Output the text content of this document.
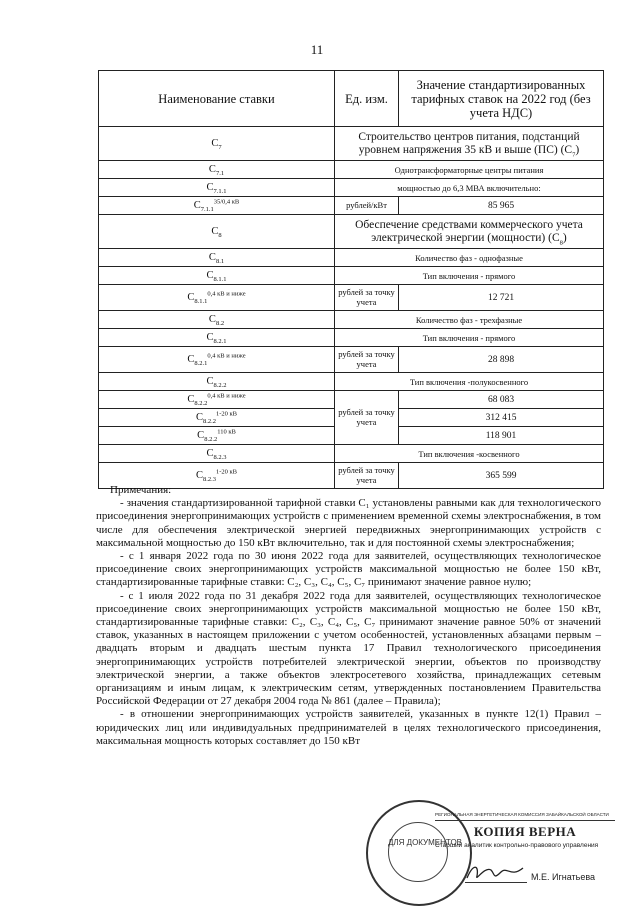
11
Наименование ставки	Ед. изм.	Значение стандартизированных тарифных ставок на 2022 год (без учета НДС)
$C_7$	Строительство центров питания, подстанций уровнем напряжения 35 кВ и выше (ПС) $(C_7)$	
$C_{7.1}$	Однотрансформаторные центры питания	
$C_{7.1.1}$	мощностью до 6,3 МВА включительно:	
$C_{7.1.1}^{35/0,4 кВ}$	рублей/кВт	85 965
$C_8$	Обеспечение средствами коммерческого учета электрической энергии (мощности) $(C_8)$	
$C_{8.1}$	Количество фаз - однофазные	
$C_{8.1.1}$	Тип включения - прямого	
$C_{8.1.1}^{0,4 кВ и ниже}$	рублей за точку учета	12 721
$C_{8.2}$	Количество фаз - трехфазные	
$C_{8.2.1}$	Тип включения - прямого	
$C_{8.2.1}^{0,4 кВ и ниже}$	рублей за точку учета	28 898
$C_{8.2.2}$	Тип включения -полукосвенного	
$C_{8.2.2}^{0,4 кВ и ниже}$	рублей за точку учета	68 083
$C_{8.2.2}^{1-20 кВ}$		312 415
$C_{8.2.2}^{110 кВ}$		118 901
$C_{8.2.3}$	Тип включения -косвенного	
$C_{8.2.3}^{1-20 кВ}$	рублей за точку учета	365 599

Примечания:

- значения стандартизированной тарифной ставки C₁ установлены равными как для технологического присоединения энергопринимающих устройств с применением временной схемы электроснабжения, в том числе для обеспечения электрической энергией передвижных энергопринимающих устройств с максимальной мощностью до 150 кВт включительно, так и для постоянной схемы электроснабжения;

- с 1 января 2022 года по 30 июня 2022 года для заявителей, осуществляющих технологическое присоединение своих энергопринимающих устройств максимальной мощностью не более 150 кВт, стандартизированные тарифные ставки: C₂, C₃, C₄, C₅, C₇ принимают значение равное нулю;

- с 1 июля 2022 года по 31 декабря 2022 года для заявителей, осуществляющих технологическое присоединение своих энергопринимающих устройств максимальной мощностью не более 150 кВт, стандартизированные тарифные ставки: C₂, C₃, C₄, C₅, C₇ принимают значение равное 50% от значений ставок, указанных в настоящем приложении с учетом особенностей, установленных абзацами первым – двадцать вторым и двадцать шестым пункта 17 Правил технологического присоединения энергопринимающих устройств потребителей электрической энергии, объектов по производству электрической энергии, а также объектов электросетевого хозяйства, принадлежащих сетевым организациям и иным лицам, к электрическим сетям, утвержденных постановлением Правительства Российской Федерации от 27 декабря 2004 года № 861 (далее – Правила);

- в отношении энергопринимающих устройств заявителей, указанных в пункте 12(1) Правил – юридических лиц или индивидуальных предпринимателей в целях технологического присоединения, максимальная мощность которых составляет до 150 кВт

ДЛЯ ДОКУМЕНТОВ
РЕГИОНАЛЬНАЯ ЭНЕРГЕТИЧЕСКАЯ КОМИССИЯ ЗАБАЙКАЛЬСКОЙ ОБЛАСТИ
КОПИЯ ВЕРНА
Старший аналитик контрольно-правового управления
М.Е. Игнатьева
